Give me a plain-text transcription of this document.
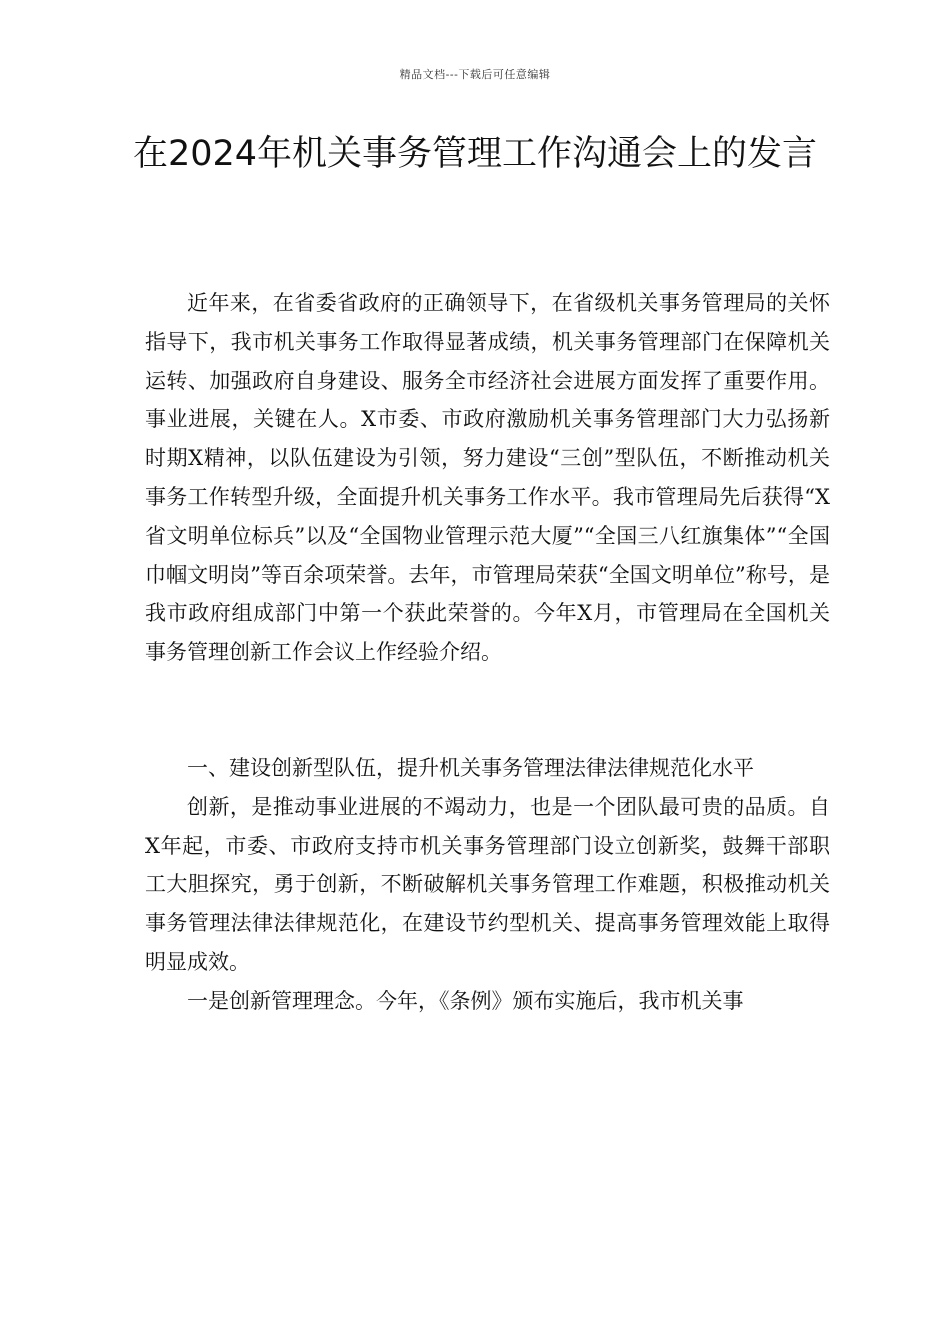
精品文档---下载后可任意编辑
在2024年机关事务管理工作沟通会上的发言

近年来，在省委省政府的正确领导下，在省级机关事务管理局的关怀指导下，我市机关事务工作取得显著成绩，机关事务管理部门在保障机关运转、加强政府自身建设、服务全市经济社会进展方面发挥了重要作用。事业进展，关键在人。X市委、市政府激励机关事务管理部门大力弘扬新时期X精神，以队伍建设为引领，努力建设“三创”型队伍，不断推动机关事务工作转型升级，全面提升机关事务工作水平。我市管理局先后获得“X省文明单位标兵”以及“全国物业管理示范大厦”“全国三八红旗集体”“全国巾帼文明岗”等百余项荣誉。去年，市管理局荣获“全国文明单位”称号，是我市政府组成部门中第一个获此荣誉的。今年X月，市管理局在全国机关事务管理创新工作会议上作经验介绍。

一、建设创新型队伍，提升机关事务管理法律法律规范化水平

创新，是推动事业进展的不竭动力，也是一个团队最可贵的品质。自X年起，市委、市政府支持市机关事务管理部门设立创新奖，鼓舞干部职工大胆探究，勇于创新，不断破解机关事务管理工作难题，积极推动机关事务管理法律法律规范化，在建设节约型机关、提高事务管理效能上取得明显成效。

一是创新管理理念。今年，《条例》颁布实施后，我市机关事
